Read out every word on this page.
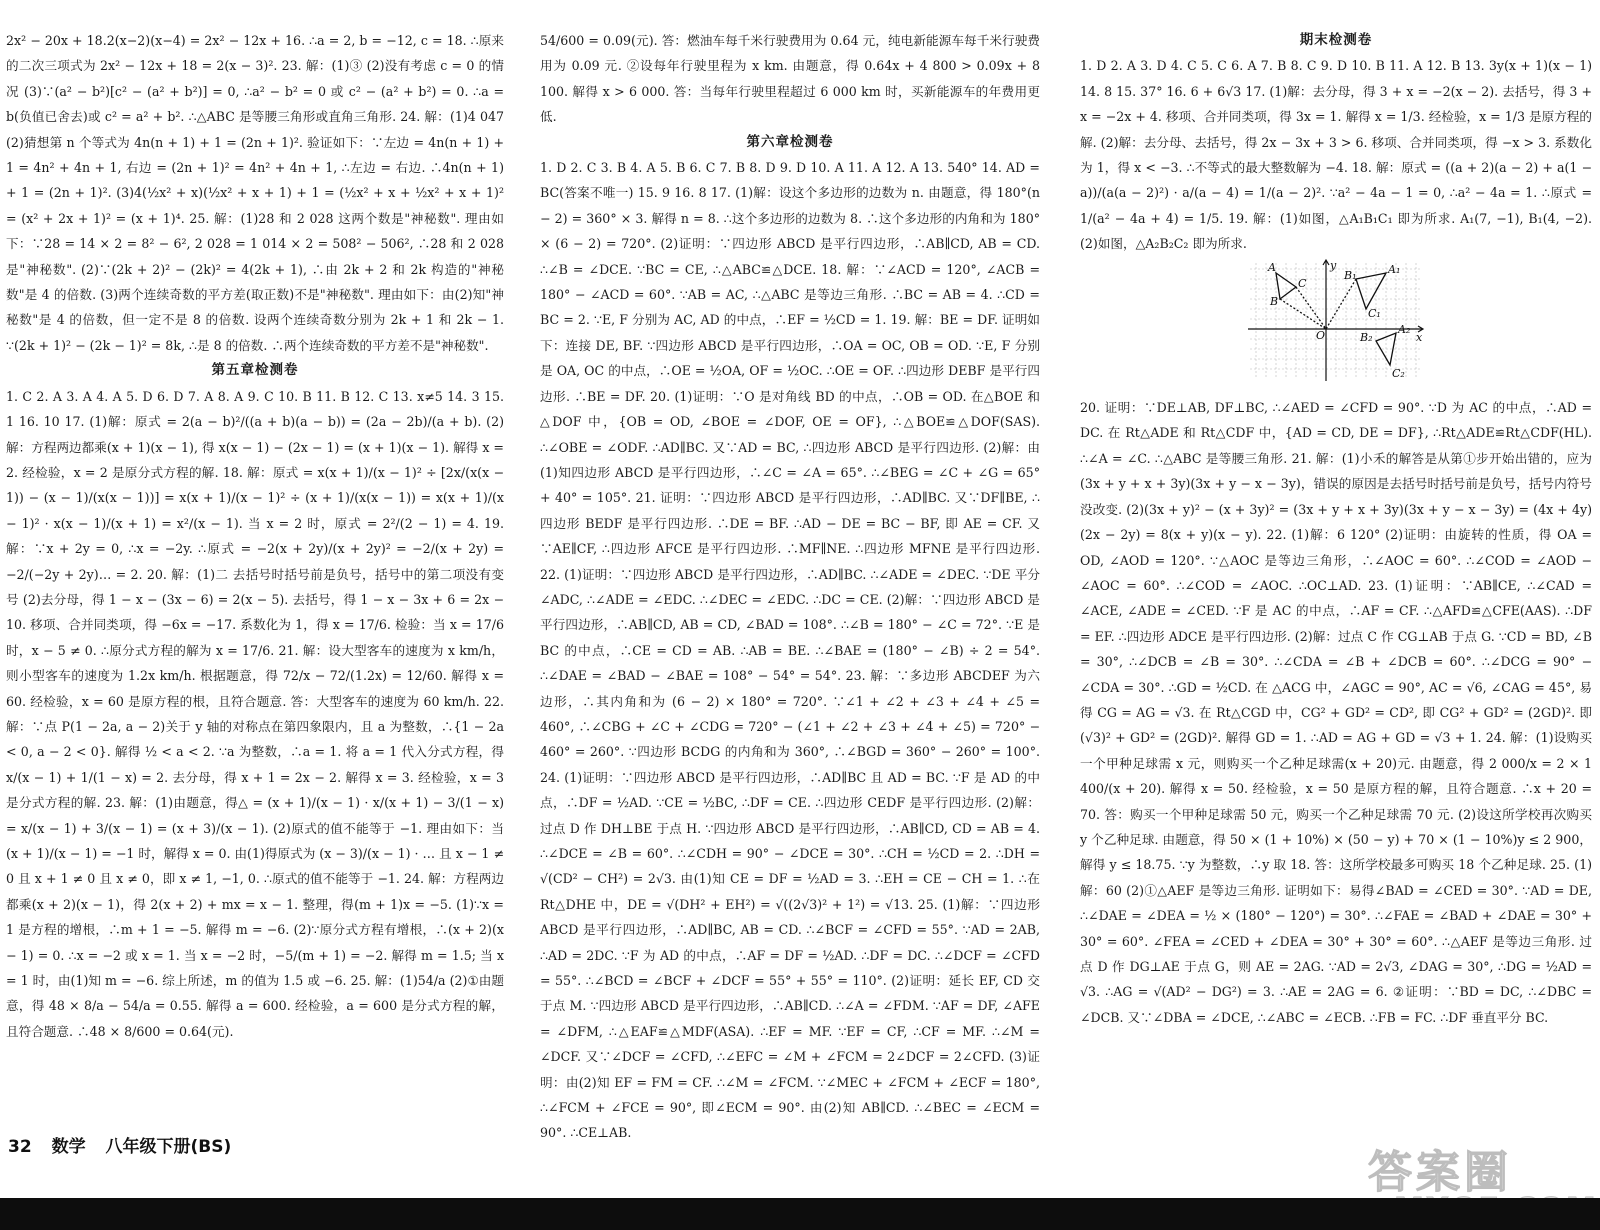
2x² − 20x + 18.2(x−2)(x−4) = 2x² − 12x + 16. ∴a = 2, b = −12, c = 18. ∴原来的二次三项式为 2x² − 12x + 18 = 2(x − 3)². 23. 解：(1)③ (2)没有考虑 c = 0 的情况 (3)∵(a² − b²)[c² − (a² + b²)] = 0, ∴a² − b² = 0 或 c² − (a² + b²) = 0. ∴a = b(负值已舍去)或 c² = a² + b². ∴△ABC 是等腰三角形或直角三角形. 24. 解：(1)4 047 (2)猜想第 n 个等式为 4n(n + 1) + 1 = (2n + 1)². 验证如下：∵左边 = 4n(n + 1) + 1 = 4n² + 4n + 1, 右边 = (2n + 1)² = 4n² + 4n + 1, ∴左边 = 右边. ∴4n(n + 1) + 1 = (2n + 1)². (3)4(½x² + x)(½x² + x + 1) + 1 = (½x² + x + ½x² + x + 1)² = (x² + 2x + 1)² = (x + 1)⁴. 25. 解：(1)28 和 2 028 这两个数是"神秘数". 理由如下：∵28 = 14 × 2 = 8² − 6², 2 028 = 1 014 × 2 = 508² − 506², ∴28 和 2 028 是"神秘数". (2)∵(2k + 2)² − (2k)² = 4(2k + 1), ∴由 2k + 2 和 2k 构造的"神秘数"是 4 的倍数. (3)两个连续奇数的平方差(取正数)不是"神秘数". 理由如下：由(2)知"神秘数"是 4 的倍数，但一定不是 8 的倍数. 设两个连续奇数分别为 2k + 1 和 2k − 1. ∵(2k + 1)² − (2k − 1)² = 8k, ∴是 8 的倍数. ∴两个连续奇数的平方差不是"神秘数".
第五章检测卷
1. C 2. A 3. A 4. A 5. D 6. D 7. A 8. A 9. C 10. B 11. B 12. C 13. x≠5 14. 3 15. 1 16. 10 17. (1)解：原式 = 2(a − b)²/((a + b)(a − b)) = (2a − 2b)/(a + b). (2)解：方程两边都乘(x + 1)(x − 1), 得 x(x − 1) − (2x − 1) = (x + 1)(x − 1). 解得 x = 2. 经检验，x = 2 是原分式方程的解. 18. 解：原式 = x(x + 1)/(x − 1)² ÷ [2x/(x(x − 1)) − (x − 1)/(x(x − 1))] = x(x + 1)/(x − 1)² ÷ (x + 1)/(x(x − 1)) = x(x + 1)/(x − 1)² · x(x − 1)/(x + 1) = x²/(x − 1). 当 x = 2 时，原式 = 2²/(2 − 1) = 4. 19. 解：∵x + 2y = 0, ∴x = −2y. ∴原式 = −2(x + 2y)/(x + 2y)² = −2/(x + 2y) = −2/(−2y + 2y)… = 2. 20. 解：(1)二 去括号时括号前是负号，括号中的第二项没有变号 (2)去分母，得 1 − x − (3x − 6) = 2(x − 5). 去括号，得 1 − x − 3x + 6 = 2x − 10. 移项、合并同类项，得 −6x = −17. 系数化为 1，得 x = 17/6. 检验：当 x = 17/6 时，x − 5 ≠ 0. ∴原分式方程的解为 x = 17/6. 21. 解：设大型客车的速度为 x km/h，则小型客车的速度为 1.2x km/h. 根据题意，得 72/x − 72/(1.2x) = 12/60. 解得 x = 60. 经检验，x = 60 是原方程的根，且符合题意. 答：大型客车的速度为 60 km/h. 22. 解：∵点 P(1 − 2a, a − 2)关于 y 轴的对称点在第四象限内，且 a 为整数，∴{1 − 2a < 0, a − 2 < 0}. 解得 ½ < a < 2. ∵a 为整数，∴a = 1. 将 a = 1 代入分式方程，得 x/(x − 1) + 1/(1 − x) = 2. 去分母，得 x + 1 = 2x − 2. 解得 x = 3. 经检验，x = 3 是分式方程的解. 23. 解：(1)由题意，得△ = (x + 1)/(x − 1) · x/(x + 1) − 3/(1 − x) = x/(x − 1) + 3/(x − 1) = (x + 3)/(x − 1). (2)原式的值不能等于 −1. 理由如下：当 (x + 1)/(x − 1) = −1 时，解得 x = 0. 由(1)得原式为 (x − 3)/(x − 1) · … 且 x − 1 ≠ 0 且 x + 1 ≠ 0 且 x ≠ 0，即 x ≠ 1, −1, 0. ∴原式的值不能等于 −1. 24. 解：方程两边都乘(x + 2)(x − 1)，得 2(x + 2) + mx = x − 1. 整理，得(m + 1)x = −5. (1)∵x = 1 是方程的增根，∴m + 1 = −5. 解得 m = −6. (2)∵原分式方程有增根，∴(x + 2)(x − 1) = 0. ∴x = −2 或 x = 1. 当 x = −2 时，−5/(m + 1) = −2. 解得 m = 1.5; 当 x = 1 时，由(1)知 m = −6. 综上所述，m 的值为 1.5 或 −6. 25. 解：(1)54/a (2)①由题意，得 48 × 8/a − 54/a = 0.55. 解得 a = 600. 经检验，a = 600 是分式方程的解，且符合题意. ∴48 × 8/600 = 0.64(元).
54/600 = 0.09(元). 答：燃油车每千米行驶费用为 0.64 元，纯电新能源车每千米行驶费用为 0.09 元. ②设每年行驶里程为 x km. 由题意，得 0.64x + 4 800 > 0.09x + 8 100. 解得 x > 6 000. 答：当每年行驶里程超过 6 000 km 时，买新能源车的年费用更低.
第六章检测卷
1. D 2. C 3. B 4. A 5. B 6. C 7. B 8. D 9. D 10. A 11. A 12. A 13. 540° 14. AD = BC(答案不唯一) 15. 9 16. 8 17. (1)解：设这个多边形的边数为 n. 由题意，得 180°(n − 2) = 360° × 3. 解得 n = 8. ∴这个多边形的边数为 8. ∴这个多边形的内角和为 180° × (6 − 2) = 720°. (2)证明：∵四边形 ABCD 是平行四边形，∴AB∥CD, AB = CD. ∴∠B = ∠DCE. ∵BC = CE, ∴△ABC≌△DCE. 18. 解：∵∠ACD = 120°, ∠ACB = 180° − ∠ACD = 60°. ∵AB = AC, ∴△ABC 是等边三角形. ∴BC = AB = 4. ∴CD = BC = 2. ∵E, F 分别为 AC, AD 的中点，∴EF = ½CD = 1. 19. 解：BE = DF. 证明如下：连接 DE, BF. ∵四边形 ABCD 是平行四边形，∴OA = OC, OB = OD. ∵E, F 分别是 OA, OC 的中点，∴OE = ½OA, OF = ½OC. ∴OE = OF. ∴四边形 DEBF 是平行四边形. ∴BE = DF. 20. (1)证明：∵O 是对角线 BD 的中点，∴OB = OD. 在△BOE 和△DOF 中，{OB = OD, ∠BOE = ∠DOF, OE = OF}, ∴△BOE≌△DOF(SAS). ∴∠OBE = ∠ODF. ∴AD∥BC. 又∵AD = BC, ∴四边形 ABCD 是平行四边形. (2)解：由(1)知四边形 ABCD 是平行四边形，∴∠C = ∠A = 65°. ∴∠BEG = ∠C + ∠G = 65° + 40° = 105°. 21. 证明：∵四边形 ABCD 是平行四边形，∴AD∥BC. 又∵DF∥BE, ∴四边形 BEDF 是平行四边形. ∴DE = BF. ∴AD − DE = BC − BF, 即 AE = CF. 又∵AE∥CF, ∴四边形 AFCE 是平行四边形. ∴MF∥NE. ∴四边形 MFNE 是平行四边形. 22. (1)证明：∵四边形 ABCD 是平行四边形，∴AD∥BC. ∴∠ADE = ∠DEC. ∵DE 平分∠ADC, ∴∠ADE = ∠EDC. ∴∠DEC = ∠EDC. ∴DC = CE. (2)解：∵四边形 ABCD 是平行四边形，∴AB∥CD, AB = CD, ∠BAD = 108°. ∴∠B = 180° − ∠C = 72°. ∵E 是 BC 的中点，∴CE = CD = AB. ∴AB = BE. ∴∠BAE = (180° − ∠B) ÷ 2 = 54°. ∴∠DAE = ∠BAD − ∠BAE = 108° − 54° = 54°. 23. 解：∵多边形 ABCDEF 为六边形，∴其内角和为 (6 − 2) × 180° = 720°. ∵∠1 + ∠2 + ∠3 + ∠4 + ∠5 = 460°, ∴∠CBG + ∠C + ∠CDG = 720° − (∠1 + ∠2 + ∠3 + ∠4 + ∠5) = 720° − 460° = 260°. ∵四边形 BCDG 的内角和为 360°, ∴∠BGD = 360° − 260° = 100°. 24. (1)证明：∵四边形 ABCD 是平行四边形，∴AD∥BC 且 AD = BC. ∵F 是 AD 的中点，∴DF = ½AD. ∵CE = ½BC, ∴DF = CE. ∴四边形 CEDF 是平行四边形. (2)解：过点 D 作 DH⊥BE 于点 H. ∵四边形 ABCD 是平行四边形，∴AB∥CD, CD = AB = 4. ∴∠DCE = ∠B = 60°. ∴∠CDH = 90° − ∠DCE = 30°. ∴CH = ½CD = 2. ∴DH = √(CD² − CH²) = 2√3. 由(1)知 CE = DF = ½AD = 3. ∴EH = CE − CH = 1. ∴在 Rt△DHE 中，DE = √(DH² + EH²) = √((2√3)² + 1²) = √13. 25. (1)解：∵四边形 ABCD 是平行四边形，∴AD∥BC, AB = CD. ∴∠BCF = ∠CFD = 55°. ∵AD = 2AB, ∴AD = 2DC. ∵F 为 AD 的中点，∴AF = DF = ½AD. ∴DF = DC. ∴∠DCF = ∠CFD = 55°. ∴∠BCD = ∠BCF + ∠DCF = 55° + 55° = 110°. (2)证明：延长 EF, CD 交于点 M. ∵四边形 ABCD 是平行四边形，∴AB∥CD. ∴∠A = ∠FDM. ∵AF = DF, ∠AFE = ∠DFM, ∴△EAF≌△MDF(ASA). ∴EF = MF. ∵EF = CF, ∴CF = MF. ∴∠M = ∠DCF. 又∵∠DCF = ∠CFD, ∴∠EFC = ∠M + ∠FCM = 2∠DCF = 2∠CFD. (3)证明：由(2)知 EF = FM = CF. ∴∠M = ∠FCM. ∵∠MEC + ∠FCM + ∠ECF = 180°, ∴∠FCM + ∠FCE = 90°, 即∠ECM = 90°. 由(2)知 AB∥CD. ∴∠BEC = ∠ECM = 90°. ∴CE⊥AB.
期末检测卷
1. D 2. A 3. D 4. C 5. C 6. A 7. B 8. C 9. D 10. B 11. A 12. B 13. 3y(x + 1)(x − 1) 14. 8 15. 37° 16. 6 + 6√3 17. (1)解：去分母，得 3 + x = −2(x − 2). 去括号，得 3 + x = −2x + 4. 移项、合并同类项，得 3x = 1. 解得 x = 1/3. 经检验，x = 1/3 是原方程的解. (2)解：去分母、去括号，得 2x − 3x + 3 > 6. 移项、合并同类项，得 −x > 3. 系数化为 1，得 x < −3. ∴不等式的最大整数解为 −4. 18. 解：原式 = ((a + 2)(a − 2) + a(1 − a))/(a(a − 2)²) · a/(a − 4) = 1/(a − 2)². ∵a² − 4a − 1 = 0, ∴a² − 4a = 1. ∴原式 = 1/(a² − 4a + 4) = 1/5. 19. 解：(1)如图，△A₁B₁C₁ 即为所求. A₁(7, −1), B₁(4, −2). (2)如图，△A₂B₂C₂ 即为所求.
A
C
B
B₁	A₁
C₁
B₂
A₂
C₂
O	x
y
20. 证明：∵DE⊥AB, DF⊥BC, ∴∠AED = ∠CFD = 90°. ∵D 为 AC 的中点，∴AD = DC. 在 Rt△ADE 和 Rt△CDF 中，{AD = CD, DE = DF}, ∴Rt△ADE≌Rt△CDF(HL). ∴∠A = ∠C. ∴△ABC 是等腰三角形. 21. 解：(1)小禾的解答是从第①步开始出错的，应为 (3x + y + x + 3y)(3x + y − x − 3y)，错误的原因是去括号时括号前是负号，括号内符号没改变. (2)(3x + y)² − (x + 3y)² = (3x + y + x + 3y)(3x + y − x − 3y) = (4x + 4y)(2x − 2y) = 8(x + y)(x − y). 22. (1)解：6 120° (2)证明：由旋转的性质，得 OA = OD, ∠AOD = 120°. ∵△AOC 是等边三角形，∴∠AOC = 60°. ∴∠COD = ∠AOD − ∠AOC = 60°. ∴∠COD = ∠AOC. ∴OC⊥AD. 23. (1)证明：∵AB∥CE, ∴∠CAD = ∠ACE, ∠ADE = ∠CED. ∵F 是 AC 的中点，∴AF = CF. ∴△AFD≌△CFE(AAS). ∴DF = EF. ∴四边形 ADCE 是平行四边形. (2)解：过点 C 作 CG⊥AB 于点 G. ∵CD = BD, ∠B = 30°, ∴∠DCB = ∠B = 30°. ∴∠CDA = ∠B + ∠DCB = 60°. ∴∠DCG = 90° − ∠CDA = 30°. ∴GD = ½CD. 在 △ACG 中，∠AGC = 90°, AC = √6, ∠CAG = 45°, 易得 CG = AG = √3. 在 Rt△CGD 中，CG² + GD² = CD², 即 CG² + GD² = (2GD)². 即(√3)² + GD² = (2GD)². 解得 GD = 1. ∴AD = AG + GD = √3 + 1. 24. 解：(1)设购买一个甲种足球需 x 元，则购买一个乙种足球需(x + 20)元. 由题意，得 2 000/x = 2 × 1 400/(x + 20). 解得 x = 50. 经检验，x = 50 是原方程的解，且符合题意. ∴x + 20 = 70. 答：购买一个甲种足球需 50 元，购买一个乙种足球需 70 元. (2)设这所学校再次购买 y 个乙种足球. 由题意，得 50 × (1 + 10%) × (50 − y) + 70 × (1 − 10%)y ≤ 2 900，解得 y ≤ 18.75. ∵y 为整数，∴y 取 18. 答：这所学校最多可购买 18 个乙种足球. 25. (1)解：60 (2)①△AEF 是等边三角形. 证明如下：易得∠BAD = ∠CED = 30°. ∵AD = DE, ∴∠DAE = ∠DEA = ½ × (180° − 120°) = 30°. ∴∠FAE = ∠BAD + ∠DAE = 30° + 30° = 60°. ∠FEA = ∠CED + ∠DEA = 30° + 30° = 60°. ∴△AEF 是等边三角形. 过点 D 作 DG⊥AE 于点 G，则 AE = 2AG. ∵AD = 2√3, ∠DAG = 30°, ∴DG = ½AD = √3. ∴AG = √(AD² − DG²) = 3. ∴AE = 2AG = 6. ②证明：∵BD = DC, ∴∠DBC = ∠DCB. 又∵∠DBA = ∠DCE, ∴∠ABC = ∠ECB. ∴FB = FC. ∴DF 垂直平分 BC.
32 数学 八年级下册(BS)	答案圈
